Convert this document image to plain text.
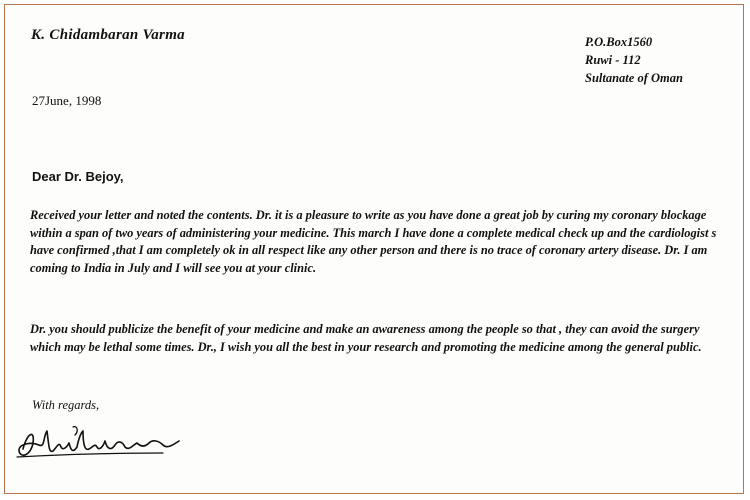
K. Chidambaran Varma	P.O.Box1560
Ruwi - 112
Sultanate of Oman
27June, 1998
Dear Dr. Bejoy,

Received your letter and noted the contents. Dr. it is a pleasure to write as you have done a great job by curing my coronary blockage within a span of two years of administering your medicine. This march I have done a complete medical check up and the cardiologist s have confirmed ,that I am completely ok in all respect like any other person and there is no trace of coronary artery disease. Dr. I am coming to India in July and I will see you at your clinic.

Dr. you should publicize the benefit of your medicine and make an awareness among the people so that , they can avoid the surgery which may be lethal some times. Dr., I wish you all the best in your research and promoting the medicine among the general public.

With regards,
